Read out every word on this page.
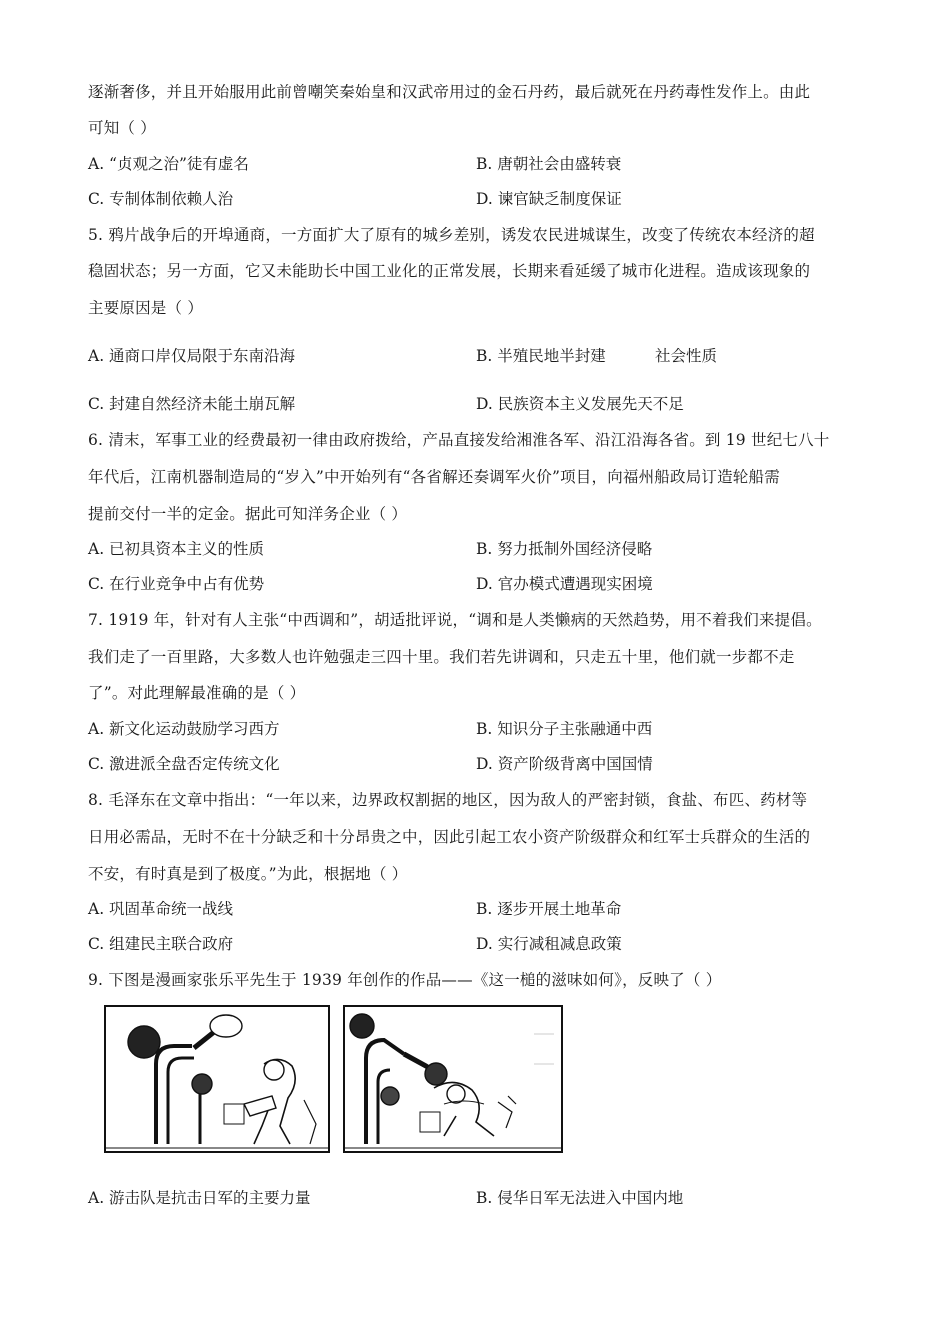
逐渐奢侈，并且开始服用此前曾嘲笑秦始皇和汉武帝用过的金石丹药，最后就死在丹药毒性发作上。由此
可知（ ）
A. “贞观之治”徒有虚名	B. 唐朝社会由盛转衰
C. 专制体制依赖人治	D. 谏官缺乏制度保证
5. 鸦片战争后的开埠通商，一方面扩大了原有的城乡差别，诱发农民进城谋生，改变了传统农本经济的超
稳固状态；另一方面，它又未能助长中国工业化的正常发展，长期来看延缓了城市化进程。造成该现象的
主要原因是（ ）
A. 通商口岸仅局限于东南沿海	B. 半殖民地半封建          社会性质
C. 封建自然经济未能土崩瓦解	D. 民族资本主义发展先天不足
6. 清末，军事工业的经费最初一律由政府拨给，产品直接发给湘淮各军、沿江沿海各省。到 19 世纪七八十
年代后，江南机器制造局的“岁入”中开始列有“各省解还奏调军火价”项目，向福州船政局订造轮船需
提前交付一半的定金。据此可知洋务企业（ ）
A. 已初具资本主义的性质	B. 努力抵制外国经济侵略
C. 在行业竞争中占有优势	D. 官办模式遭遇现实困境
7. 1919 年，针对有人主张“中西调和”，胡适批评说，“调和是人类懒病的天然趋势，用不着我们来提倡。
我们走了一百里路，大多数人也许勉强走三四十里。我们若先讲调和，只走五十里，他们就一步都不走
了”。对此理解最准确的是（ ）
A. 新文化运动鼓励学习西方	B. 知识分子主张融通中西
C. 激进派全盘否定传统文化	D. 资产阶级背离中国国情
8. 毛泽东在文章中指出：“一年以来，边界政权割据的地区，因为敌人的严密封锁，食盐、布匹、药材等
日用必需品，无时不在十分缺乏和十分昂贵之中，因此引起工农小资产阶级群众和红军士兵群众的生活的
不安，有时真是到了极度。”为此，根据地（ ）
A. 巩固革命统一战线	B. 逐步开展土地革命
C. 组建民主联合政府	D. 实行减租减息政策
9. 下图是漫画家张乐平先生于 1939 年创作的作品——《这一槌的滋味如何》，反映了（ ）
A. 游击队是抗击日军的主要力量	B. 侵华日军无法进入中国内地
